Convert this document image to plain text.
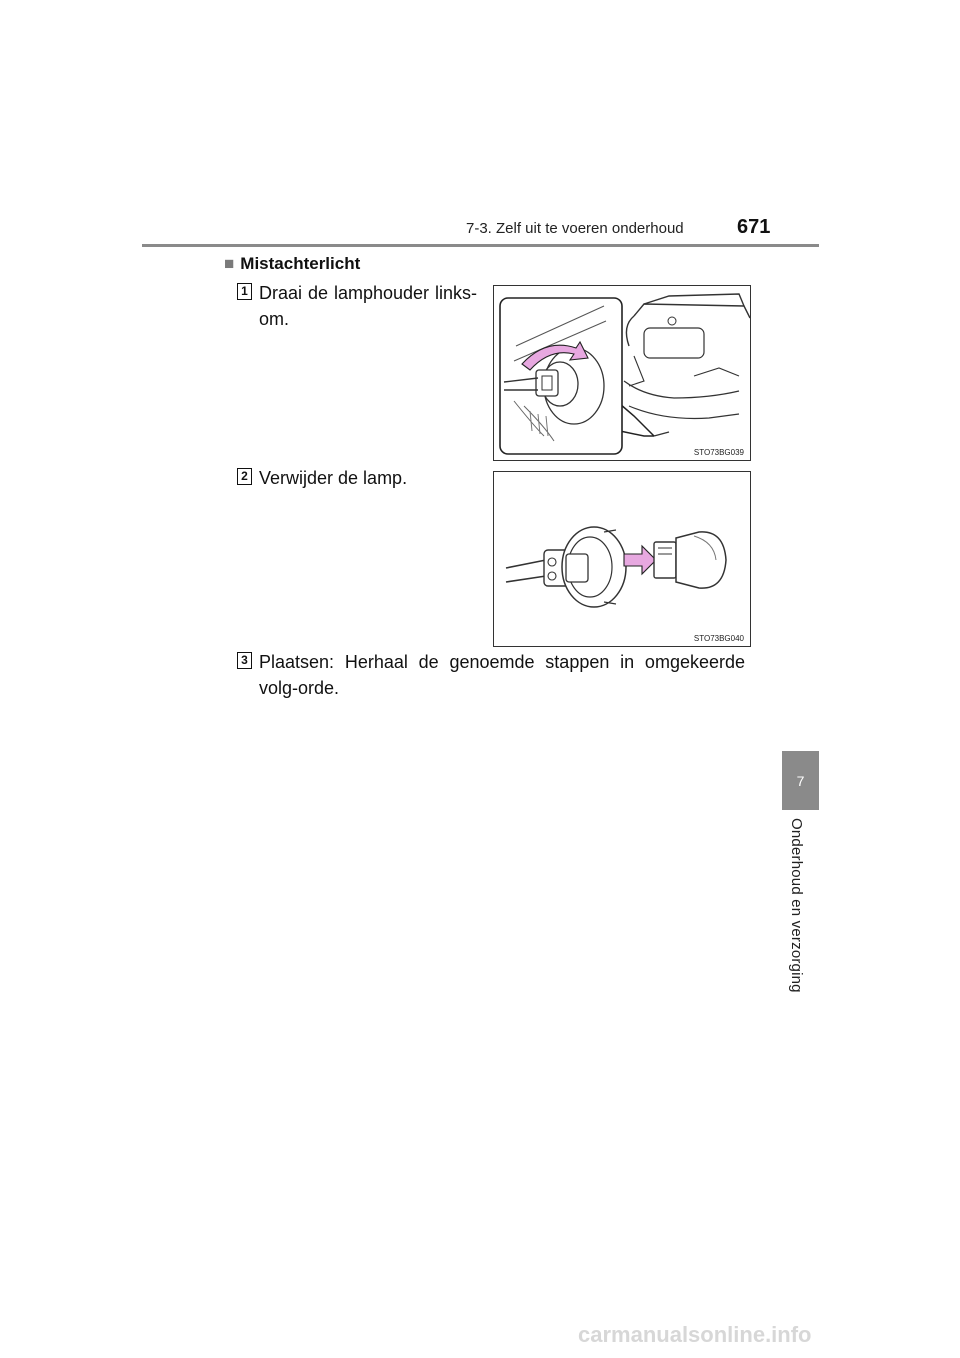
7-3. Zelf uit te voeren onderhoud	671
7
Onderhoud en verzorging
■ Mistachterlicht
1 Draai de lamphouder links-om.
STO73BG039
2 Verwijder de lamp.
STO73BG040
3 Plaatsen: Herhaal de genoemde stappen in omgekeerde volg-orde.
carmanualsonline.info
